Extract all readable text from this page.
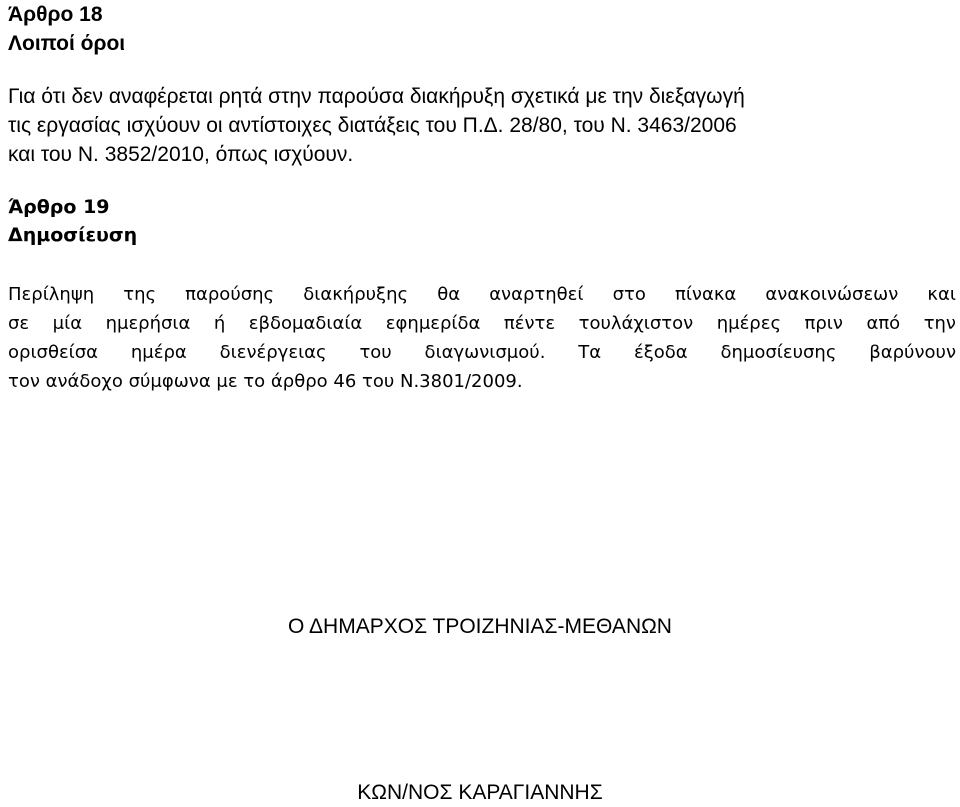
Άρθρο 18
Λοιποί όροι
Για ότι δεν αναφέρεται ρητά στην παρούσα διακήρυξη σχετικά με την διεξαγωγή
τις εργασίας ισχύουν οι αντίστοιχες διατάξεις του Π.Δ. 28/80, του Ν. 3463/2006
και του Ν. 3852/2010, όπως ισχύουν.
Άρθρο 19
Δημοσίευση
Περίληψη της παρούσης διακήρυξης θα αναρτηθεί στο πίνακα ανακοινώσεων και
σε μία ημερήσια ή εβδομαδιαία εφημερίδα πέντε τουλάχιστον ημέρες πριν από την
ορισθείσα ημέρα διενέργειας του διαγωνισμού. Τα έξοδα δημοσίευσης βαρύνουν
τον ανάδοχο σύμφωνα με το άρθρο 46 του Ν.3801/2009.
Ο ΔΗΜΑΡΧΟΣ ΤΡΟΙΖΗΝΙΑΣ-ΜΕΘΑΝΩΝ
ΚΩΝ/ΝΟΣ ΚΑΡΑΓΙΑΝΝΗΣ
